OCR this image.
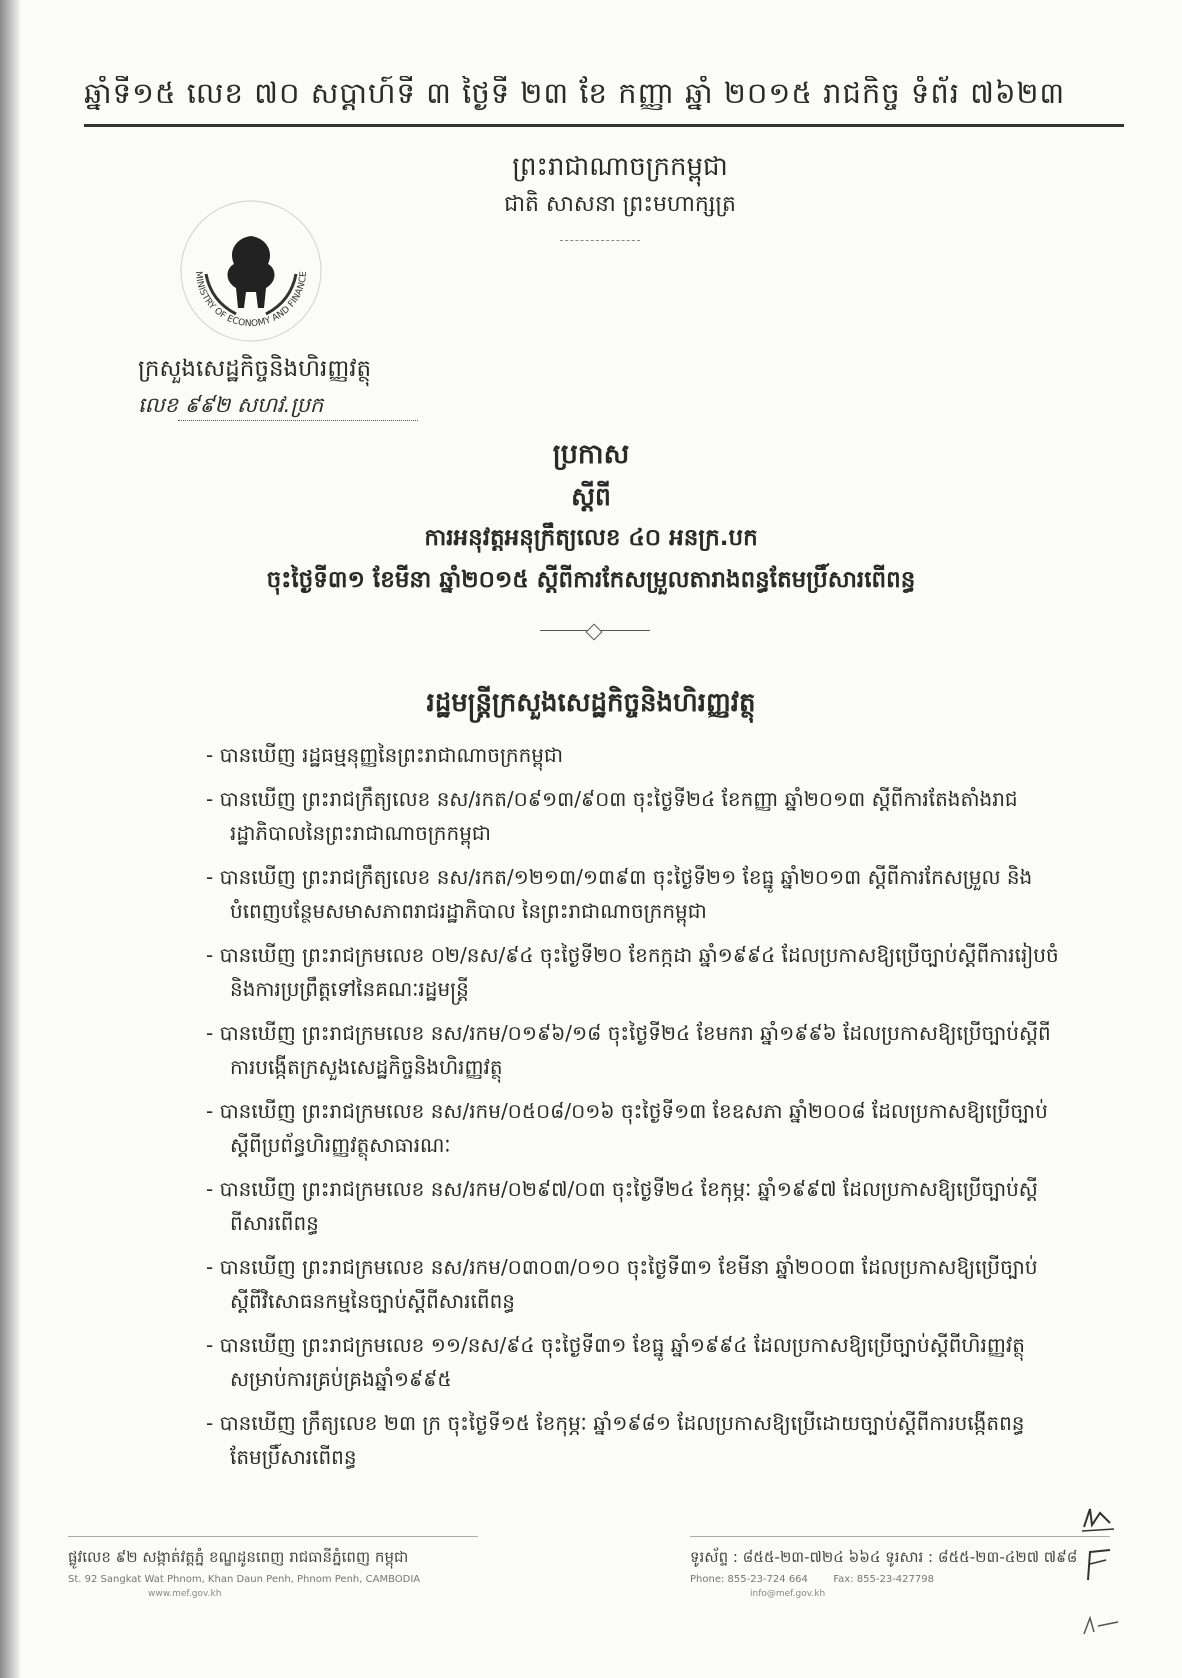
ឆ្នាំទី១៥ លេខ ៧០ សប្តាហ៍ទី ៣ ថ្ងៃទី ២៣ ខែ កញ្ញា ឆ្នាំ ២០១៥ រាជកិច្ច ទំព័រ ៧៦២៣
ព្រះរាជាណាចក្រកម្ពុជា
ជាតិ សាសនា ព្រះមហាក្សត្រ
MINISTRY OF ECONOMY AND FINANCE
ក្រសួងសេដ្ឋកិច្ចនិងហិរញ្ញវត្ថុ
លេខ ៩៩២ សហវ.ប្រក
ប្រកាស
ស្តីពី
ការអនុវត្តអនុក្រឹត្យលេខ ៤០ អនក្រ.បក
ចុះថ្ងៃទី៣១ ខែមីនា ឆ្នាំ២០១៥ ស្តីពីការកែសម្រួលតារាងពន្ធតែមប្រិ៍សារពើពន្ធ
រដ្ឋមន្ត្រីក្រសួងសេដ្ឋកិច្ចនិងហិរញ្ញវត្ថុ
- បានឃើញ រដ្ឋធម្មនុញ្ញនៃព្រះរាជាណាចក្រកម្ពុជា
- បានឃើញ ព្រះរាជក្រឹត្យលេខ នស/រកត/០៩១៣/៩០៣ ចុះថ្ងៃទី២៤ ខែកញ្ញា ឆ្នាំ២០១៣ ស្តីពីការតែងតាំងរាជរដ្ឋាភិបាលនៃព្រះរាជាណាចក្រកម្ពុជា
- បានឃើញ ព្រះរាជក្រឹត្យលេខ នស/រកត/១២១៣/១៣៩៣ ចុះថ្ងៃទី២១ ខែធ្នូ ឆ្នាំ២០១៣ ស្តីពីការកែសម្រួល និងបំពេញបន្ថែមសមាសភាពរាជរដ្ឋាភិបាល នៃព្រះរាជាណាចក្រកម្ពុជា
- បានឃើញ ព្រះរាជក្រមលេខ ០២/នស/៩៤ ចុះថ្ងៃទី២០ ខែកក្កដា ឆ្នាំ១៩៩៤ ដែលប្រកាសឱ្យប្រើច្បាប់ស្តីពីការរៀបចំនិងការប្រព្រឹត្តទៅនៃគណៈរដ្ឋមន្ត្រី
- បានឃើញ ព្រះរាជក្រមលេខ នស/រកម/០១៩៦/១៨ ចុះថ្ងៃទី២៤ ខែមករា ឆ្នាំ១៩៩៦ ដែលប្រកាសឱ្យប្រើច្បាប់ស្តីពីការបង្កើតក្រសួងសេដ្ឋកិច្ចនិងហិរញ្ញវត្ថុ
- បានឃើញ ព្រះរាជក្រមលេខ នស/រកម/០៥០៨/០១៦ ចុះថ្ងៃទី១៣ ខែឧសភា ឆ្នាំ២០០៨ ដែលប្រកាសឱ្យប្រើច្បាប់ស្តីពីប្រព័ន្ធហិរញ្ញវត្ថុសាធារណៈ
- បានឃើញ ព្រះរាជក្រមលេខ នស/រកម/០២៩៧/០៣ ចុះថ្ងៃទី២៤ ខែកុម្ភៈ ឆ្នាំ១៩៩៧ ដែលប្រកាសឱ្យប្រើច្បាប់ស្តីពីសារពើពន្ធ
- បានឃើញ ព្រះរាជក្រមលេខ នស/រកម/០៣០៣/០១០ ចុះថ្ងៃទី៣១ ខែមីនា ឆ្នាំ២០០៣ ដែលប្រកាសឱ្យប្រើច្បាប់ស្តីពីវិសោធនកម្មនៃច្បាប់ស្តីពីសារពើពន្ធ
- បានឃើញ ព្រះរាជក្រមលេខ ១១/នស/៩៤ ចុះថ្ងៃទី៣១ ខែធ្នូ ឆ្នាំ១៩៩៤ ដែលប្រកាសឱ្យប្រើច្បាប់ស្តីពីហិរញ្ញវត្ថុសម្រាប់ការគ្រប់គ្រងឆ្នាំ១៩៩៥
- បានឃើញ ក្រឹត្យលេខ ២៣ ក្រ ចុះថ្ងៃទី១៥ ខែកុម្ភៈ ឆ្នាំ១៩៨១ ដែលប្រកាសឱ្យប្រើដោយច្បាប់ស្តីពីការបង្កើតពន្ធតែមប្រិ៍សារពើពន្ធ
ផ្លូវលេខ ៩២ សង្កាត់វត្តភ្នំ ខណ្ឌដូនពេញ រាជធានីភ្នំពេញ កម្ពុជា
St. 92 Sangkat Wat Phnom, Khan Daun Penh, Phnom Penh, CAMBODIA
www.mef.gov.kh
ទូរស័ព្ទ : ៨៥៥-២៣-៧២៤ ៦៦៤ ទូរសារ : ៨៥៥-២៣-៤២៧ ៧៩៨
Phone: 855-23-724 664	Fax: 855-23-427798
info@mef.gov.kh
